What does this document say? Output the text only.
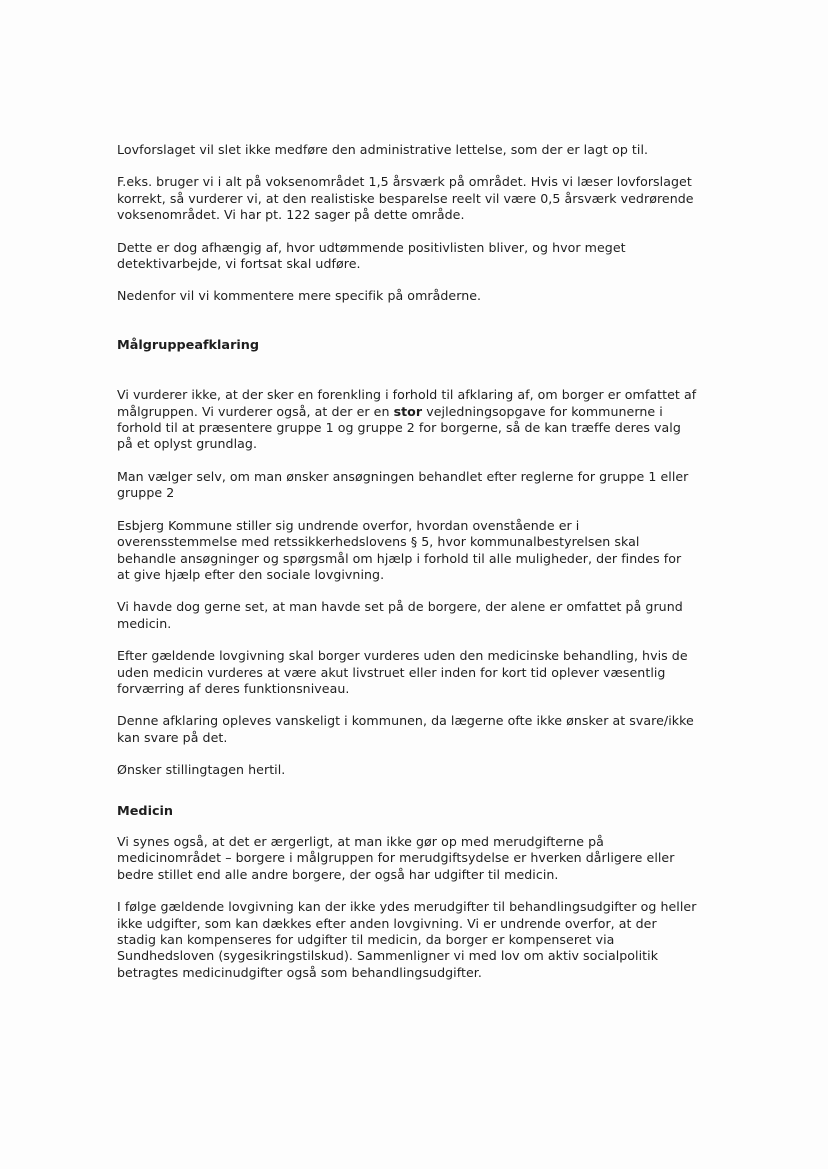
Lovforslaget vil slet ikke medføre den administrative lettelse, som der er lagt op til.

F.eks. bruger vi i alt på voksenområdet 1,5 årsværk på området. Hvis vi læser lovforslaget korrekt, så vurderer vi, at den realistiske besparelse reelt vil være 0,5 årsværk vedrørende voksenområdet. Vi har pt. 122 sager på dette område.

Dette er dog afhængig af, hvor udtømmende positivlisten bliver, og hvor meget detektivarbejde, vi fortsat skal udføre.

Nedenfor vil vi kommentere mere specifik på områderne.

Målgruppeafklaring

Vi vurderer ikke, at der sker en forenkling i forhold til afklaring af, om borger er omfattet af målgruppen. Vi vurderer også, at der er en stor vejledningsopgave for kommunerne i forhold til at præsentere gruppe 1 og gruppe 2 for borgerne, så de kan træffe deres valg på et oplyst grundlag.

Man vælger selv, om man ønsker ansøgningen behandlet efter reglerne for gruppe 1 eller gruppe 2

Esbjerg Kommune stiller sig undrende overfor, hvordan ovenstående er i overensstemmelse med retssikkerhedslovens § 5, hvor kommunalbestyrelsen skal behandle ansøgninger og spørgsmål om hjælp i forhold til alle muligheder, der findes for at give hjælp efter den sociale lovgivning.

Vi havde dog gerne set, at man havde set på de borgere, der alene er omfattet på grund medicin.

Efter gældende lovgivning skal borger vurderes uden den medicinske behandling, hvis de uden medicin vurderes at være akut livstruet eller inden for kort tid oplever væsentlig forværring af deres funktionsniveau.

Denne afklaring opleves vanskeligt i kommunen, da lægerne ofte ikke ønsker at svare/ikke kan svare på det.

Ønsker stillingtagen hertil.

Medicin

Vi synes også, at det er ærgerligt, at man ikke gør op med merudgifterne på medicinområdet – borgere i målgruppen for merudgiftsydelse er hverken dårligere eller bedre stillet end alle andre borgere, der også har udgifter til medicin.

I følge gældende lovgivning kan der ikke ydes merudgifter til behandlingsudgifter og heller ikke udgifter, som kan dækkes efter anden lovgivning. Vi er undrende overfor, at der stadig kan kompenseres for udgifter til medicin, da borger er kompenseret via Sundhedsloven (sygesikringstilskud). Sammenligner vi med lov om aktiv socialpolitik betragtes medicinudgifter også som behandlingsudgifter.
